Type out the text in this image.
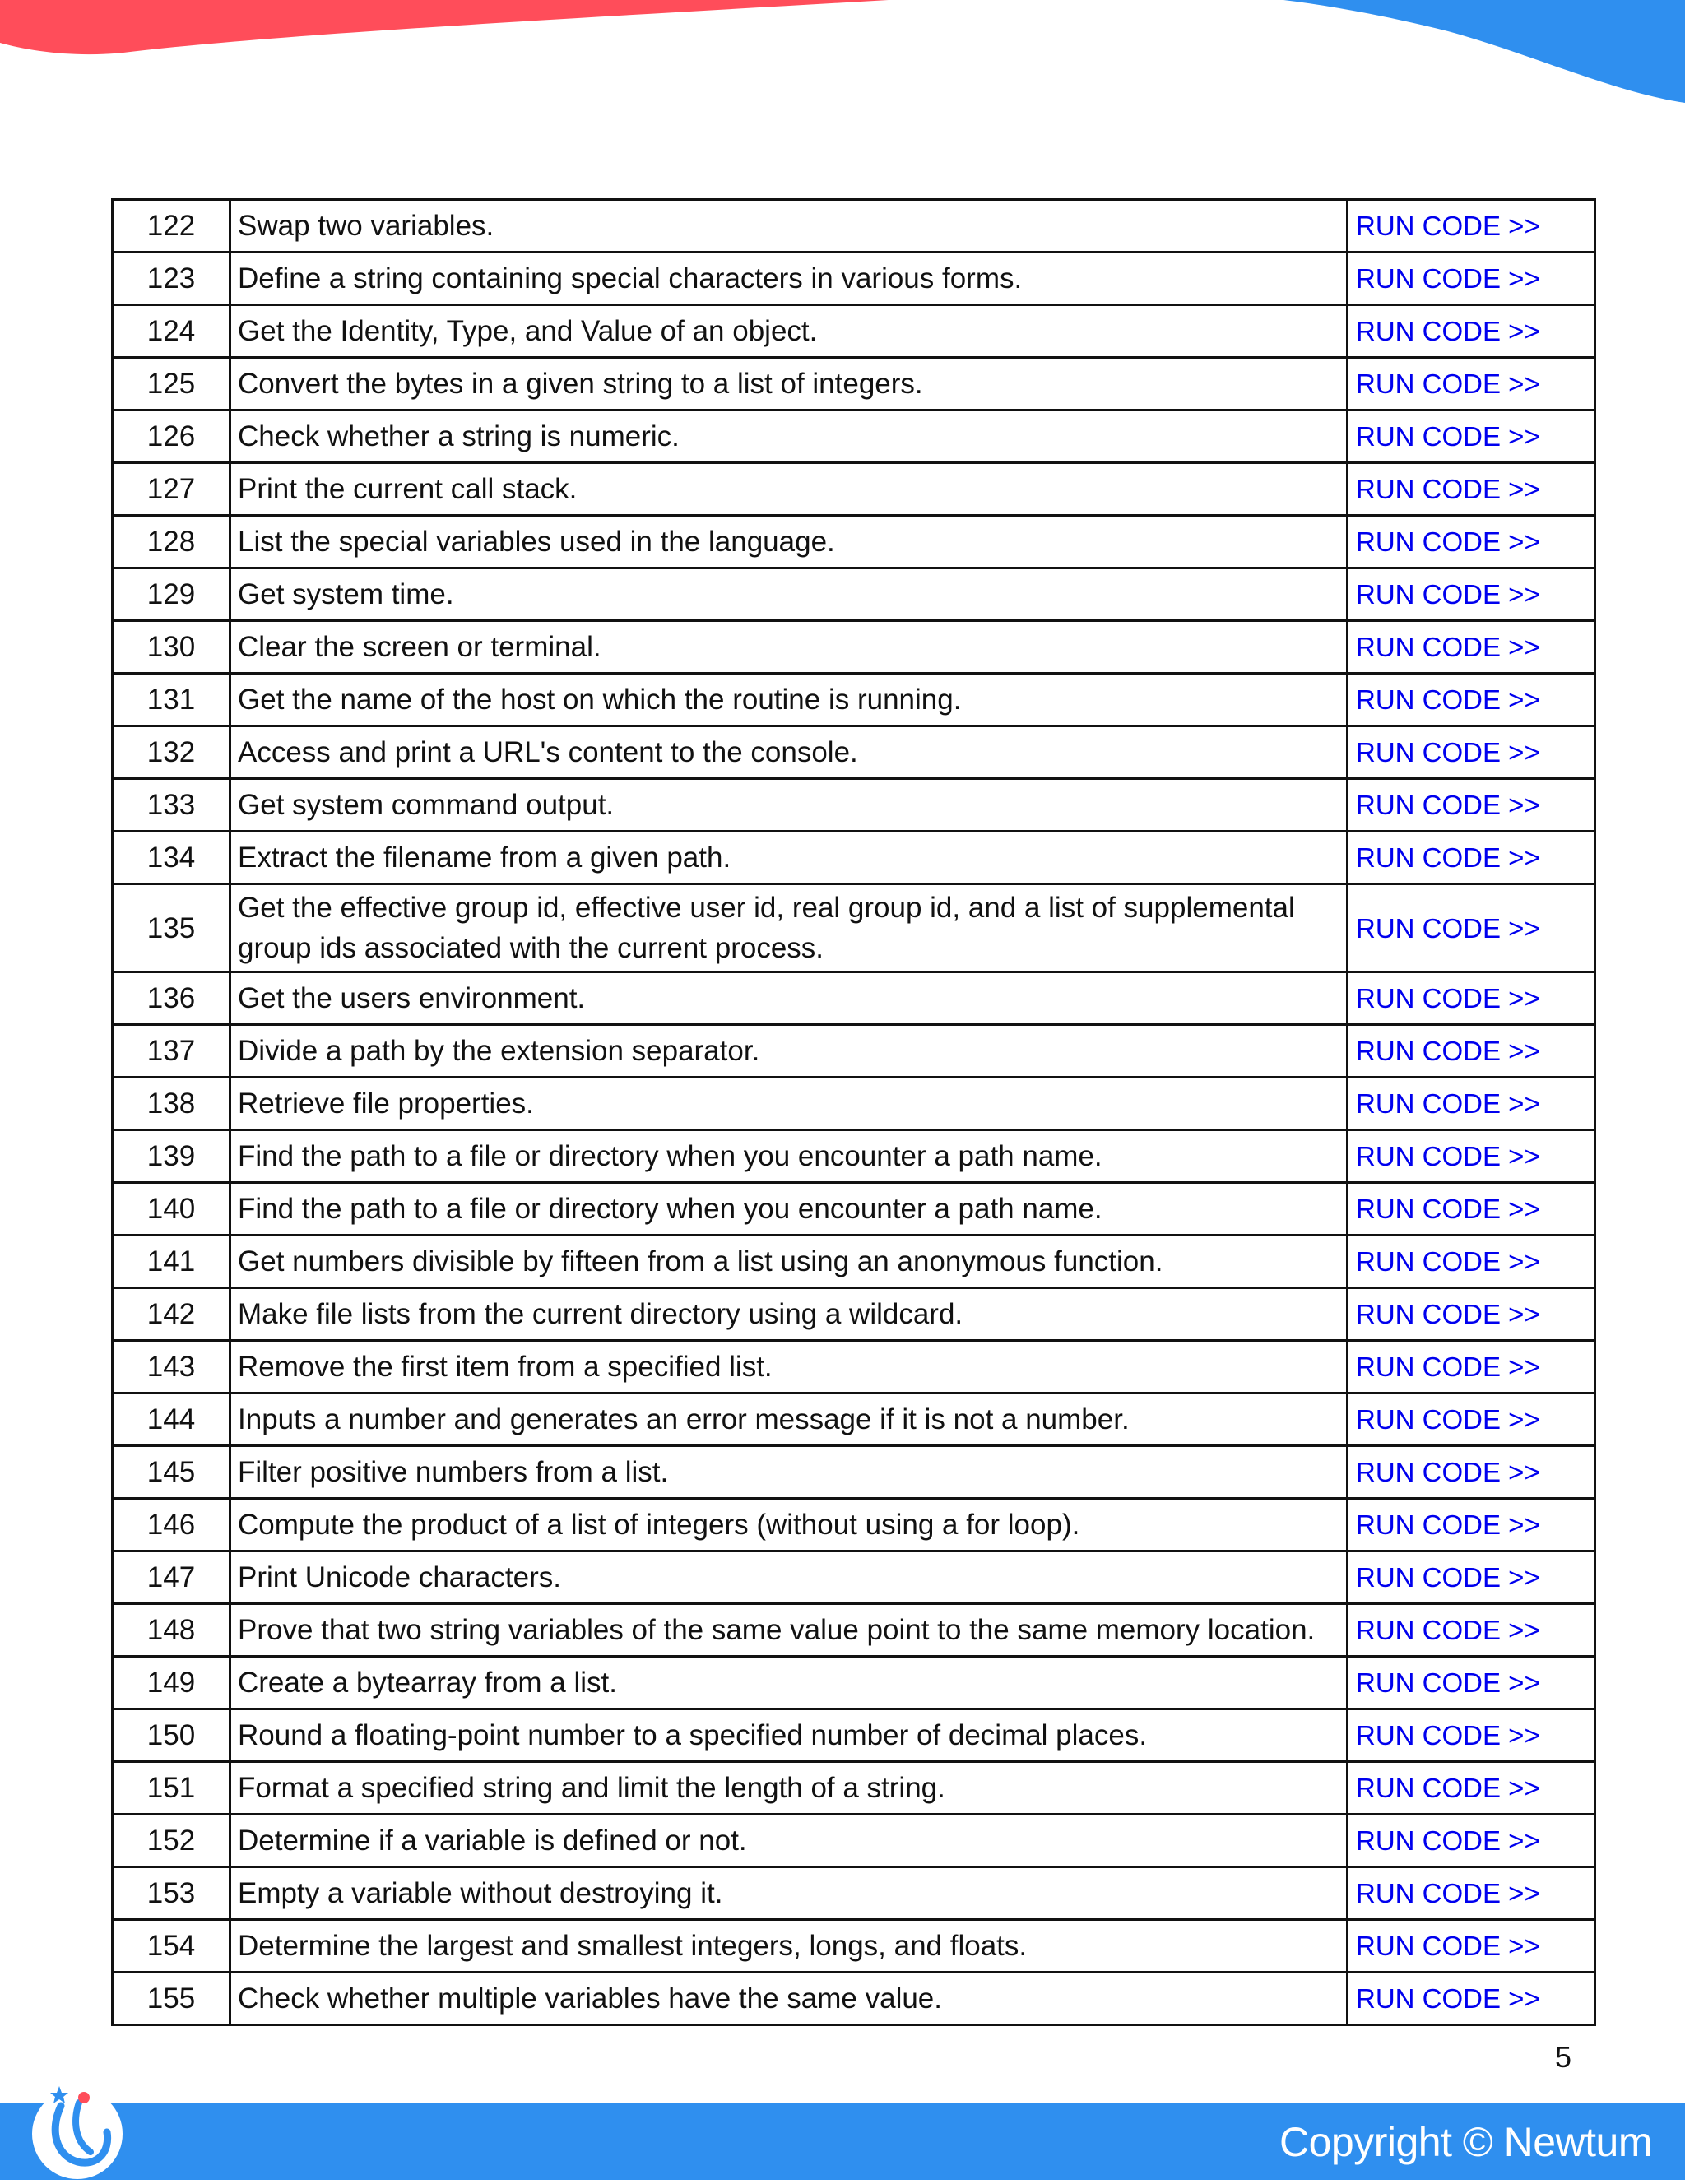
122	Swap two variables.	RUN CODE >>
123	Define a string containing special characters in various forms.	RUN CODE >>
124	Get the Identity, Type, and Value of an object.	RUN CODE >>
125	Convert the bytes in a given string to a list of integers.	RUN CODE >>
126	Check whether a string is numeric.	RUN CODE >>
127	Print the current call stack.	RUN CODE >>
128	List the special variables used in the language.	RUN CODE >>
129	Get system time.	RUN CODE >>
130	Clear the screen or terminal.	RUN CODE >>
131	Get the name of the host on which the routine is running.	RUN CODE >>
132	Access and print a URL's content to the console.	RUN CODE >>
133	Get system command output.	RUN CODE >>
134	Extract the filename from a given path.	RUN CODE >>
135	Get the effective group id, effective user id, real group id, and a list of supplemental group ids associated with the current process.	RUN CODE >>
136	Get the users environment.	RUN CODE >>
137	Divide a path by the extension separator.	RUN CODE >>
138	Retrieve file properties.	RUN CODE >>
139	Find the path to a file or directory when you encounter a path name.	RUN CODE >>
140	Find the path to a file or directory when you encounter a path name.	RUN CODE >>
141	Get numbers divisible by fifteen from a list using an anonymous function.	RUN CODE >>
142	Make file lists from the current directory using a wildcard.	RUN CODE >>
143	Remove the first item from a specified list.	RUN CODE >>
144	Inputs a number and generates an error message if it is not a number.	RUN CODE >>
145	Filter positive numbers from a list.	RUN CODE >>
146	Compute the product of a list of integers (without using a for loop).	RUN CODE >>
147	Print Unicode characters.	RUN CODE >>
148	Prove that two string variables of the same value point to the same memory location.	RUN CODE >>
149	Create a bytearray from a list.	RUN CODE >>
150	Round a floating-point number to a specified number of decimal places.	RUN CODE >>
151	Format a specified string and limit the length of a string.	RUN CODE >>
152	Determine if a variable is defined or not.	RUN CODE >>
153	Empty a variable without destroying it.	RUN CODE >>
154	Determine the largest and smallest integers, longs, and floats.	RUN CODE >>
155	Check whether multiple variables have the same value.	RUN CODE >>
5
Copyright © Newtum
